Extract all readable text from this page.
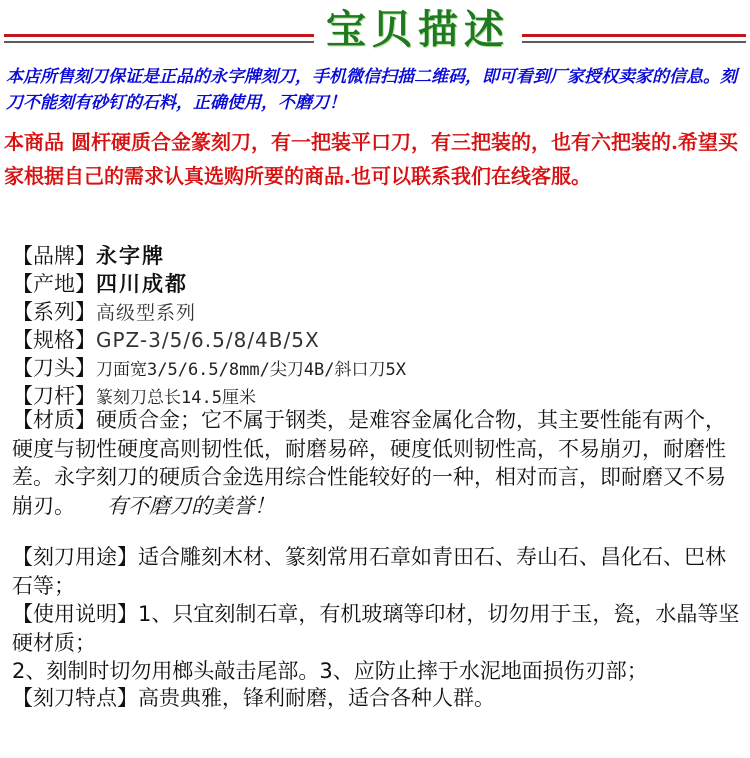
宝贝描述

本店所售刻刀保证是正品的永字牌刻刀，手机微信扫描二维码，即可看到厂家授权卖家的信息。刻刀不能刻有砂钉的石料，正确使用，不磨刀！

本商品 圆杆硬质合金篆刻刀，有一把装平口刀，有三把装的，也有六把装的.希望买家根据自己的需求认真选购所要的商品.也可以联系我们在线客服。

【品牌】永字牌
【产地】四川成都
【系列】高级型系列
【规格】GPZ-3/5/6.5/8/4B/5X
【刀头】刀面宽3/5/6.5/8mm/尖刀4B/斜口刀5X
【刀杆】篆刻刀总长14.5厘米

【材质】硬质合金；它不属于钢类，是难容金属化合物，其主要性能有两个，硬度与韧性硬度高则韧性低，耐磨易碎，硬度低则韧性高，不易崩刃，耐磨性差。永字刻刀的硬质合金选用综合性能较好的一种，相对而言，即耐磨又不易崩刃。 有不磨刀的美誉！

【刻刀用途】适合雕刻木材、篆刻常用石章如青田石、寿山石、昌化石、巴林石等；

【使用说明】1、只宜刻制石章，有机玻璃等印材，切勿用于玉，瓷，水晶等坚硬材质；
2、刻制时切勿用榔头敲击尾部。3、应防止摔于水泥地面损伤刃部；

【刻刀特点】高贵典雅，锋利耐磨，适合各种人群。
